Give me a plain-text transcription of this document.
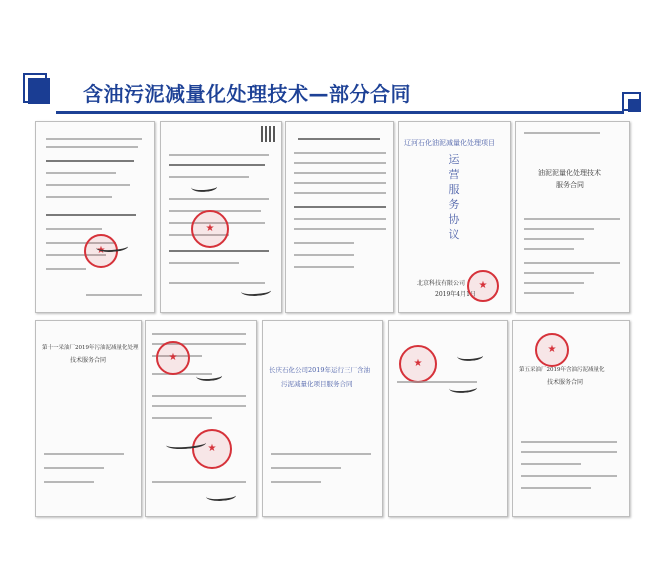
含油污泥减量化处理技术—部分合同
★
★
辽河石化油泥减量化处理项目
运营服务协议
北京科技有限公司
2019年4月1日
★
油泥泥量化处理技术
服务合同
第十一采油厂2019年污油泥减量化处理
技术服务合同
★
★
长庆石化公司2019年运行三厂含油
污泥减量化项目服务合同
★
★
第五采油厂2019年含油污泥减量化
技术服务合同
